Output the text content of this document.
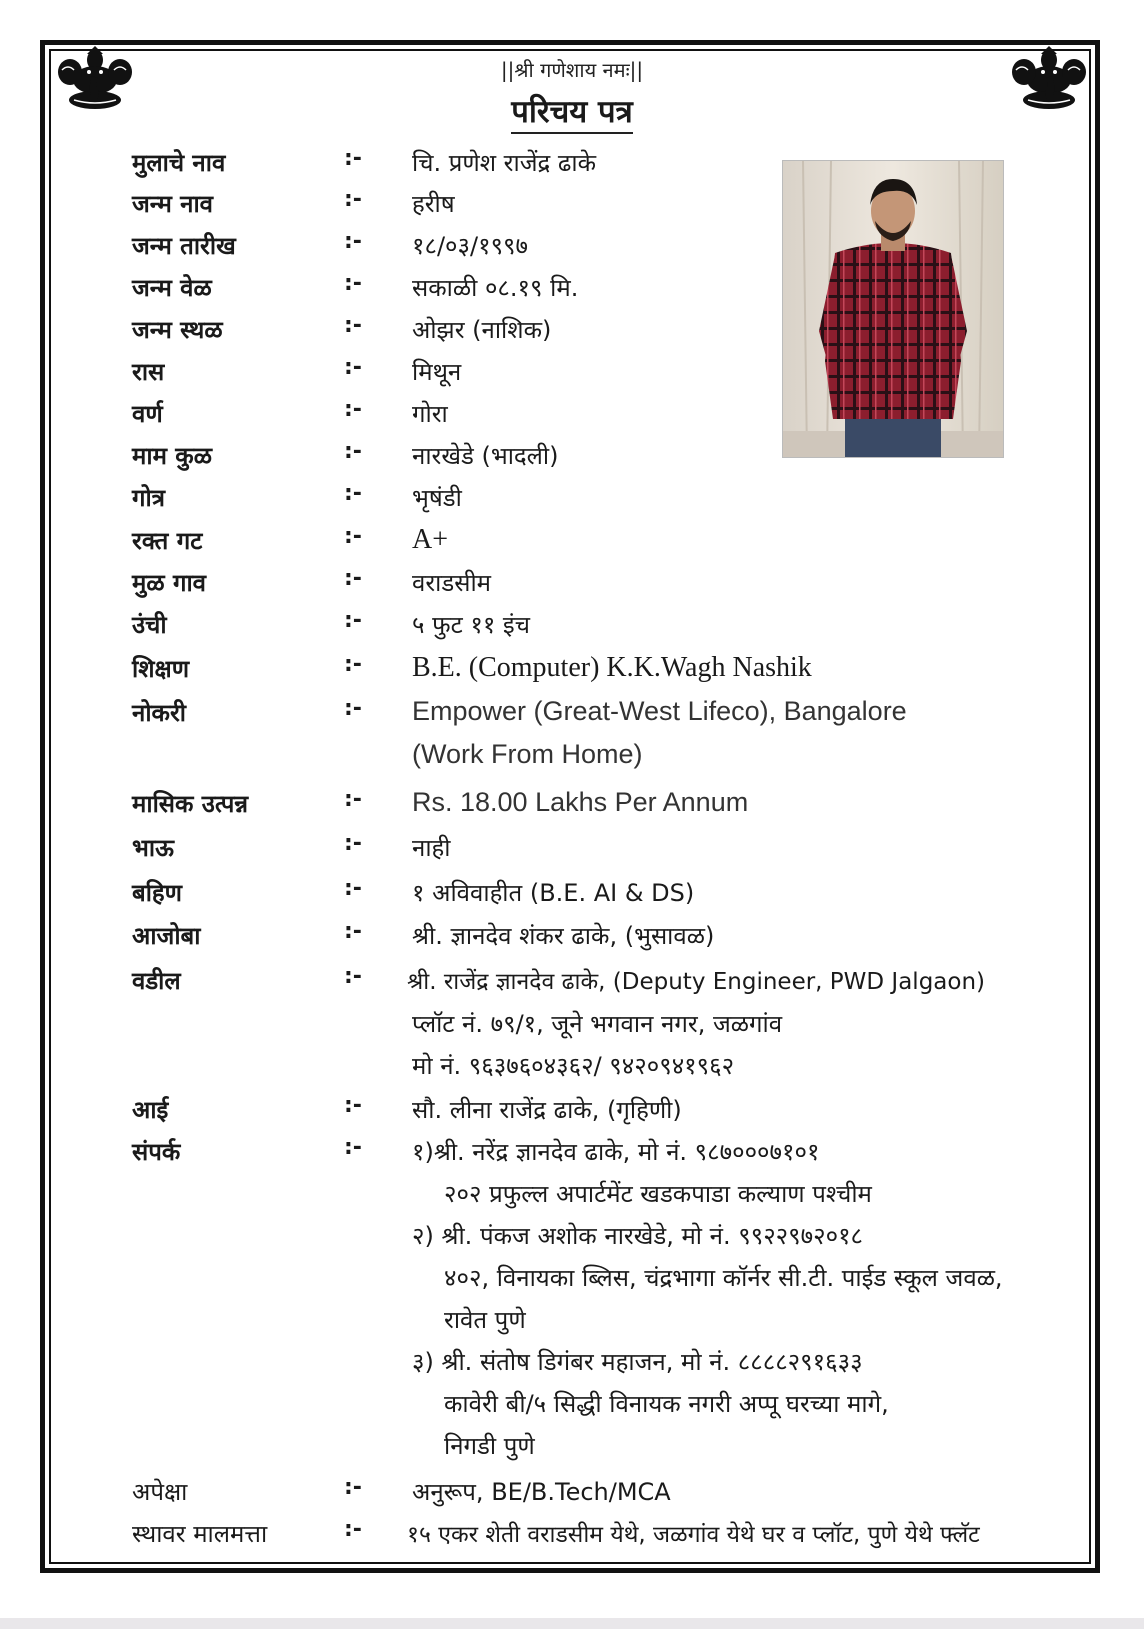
||श्री गणेशाय नमः||
परिचय पत्र
मुलाचे नाव	:- चि. प्रणेश राजेंद्र ढाके
जन्म नाव	:- हरीष
जन्म तारीख	:- १८/०३/१९९७
जन्म वेळ	:- सकाळी ०८.१९ मि.
जन्म स्थळ	:- ओझर (नाशिक)
रास	:- मिथून
वर्ण	:- गोरा
माम कुळ	:- नारखेडे (भादली)
गोत्र	:- भृषंडी
रक्त गट	:- A+
मुळ गाव	:- वराडसीम
उंची	:- ५ फुट ११ इंच
शिक्षण	:- B.E. (Computer) K.K.Wagh Nashik
नोकरी	:- Empower (Great-West Lifeco), Bangalore
(Work From Home)
मासिक उत्पन्न	:- Rs. 18.00 Lakhs Per Annum
भाऊ	:- नाही
बहिण	:- १ अविवाहीत (B.E. AI & DS)
आजोबा	:- श्री. ज्ञानदेव शंकर ढाके, (भुसावळ)
वडील	:- श्री. राजेंद्र ज्ञानदेव ढाके, (Deputy Engineer, PWD Jalgaon)
प्लॉट नं. ७९/१, जूने भगवान नगर, जळगांव
मो नं. ९६३७६०४३६२/ ९४२०९४१९६२
आई	:- सौ. लीना राजेंद्र ढाके, (गृहिणी)
संपर्क	:- १)श्री. नरेंद्र ज्ञानदेव ढाके, मो नं. ९८७०००७१०१
२०२ प्रफुल्ल अपार्टमेंट खडकपाडा कल्याण पश्चीम
२) श्री. पंकज अशोक नारखेडे, मो नं. ९९२२९७२०१८
४०२, विनायका ब्लिस, चंद्रभागा कॉर्नर सी.टी. पाईड स्कूल जवळ,
रावेत पुणे
३) श्री. संतोष डिगंबर महाजन, मो नं. ८८८८२९१६३३
कावेरी बी/५ सिद्धी विनायक नगरी अप्पू घरच्या मागे,
निगडी पुणे
अपेक्षा	:- अनुरूप, BE/B.Tech/MCA
स्थावर मालमत्ता	:- १५ एकर शेती वराडसीम येथे, जळगांव येथे घर व प्लॉट, पुणे येथे फ्लॅट
